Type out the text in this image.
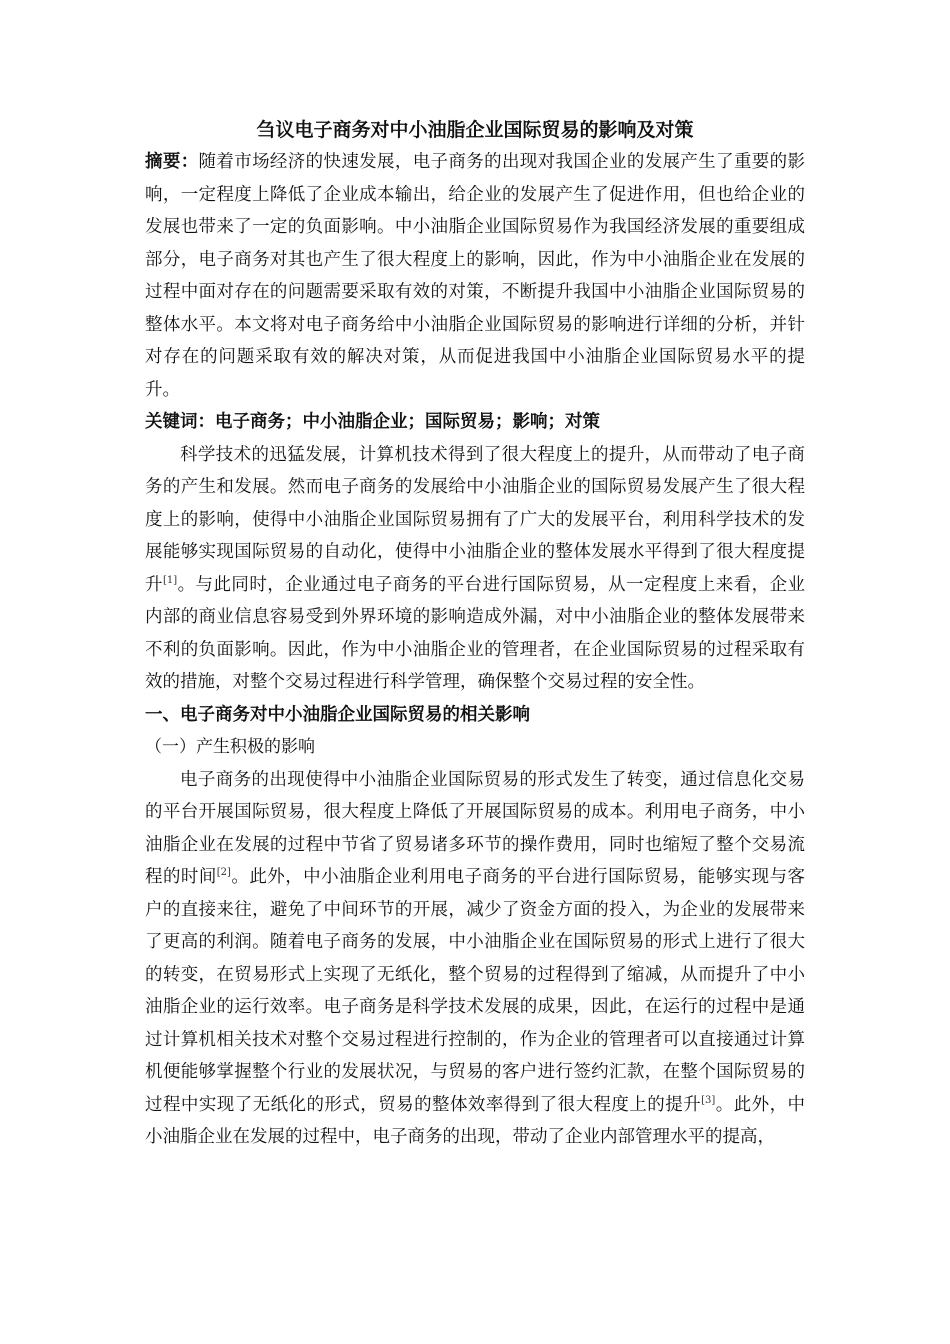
刍议电子商务对中小油脂企业国际贸易的影响及对策

摘要：随着市场经济的快速发展，电子商务的出现对我国企业的发展产生了重要的影响，一定程度上降低了企业成本输出，给企业的发展产生了促进作用，但也给企业的发展也带来了一定的负面影响。中小油脂企业国际贸易作为我国经济发展的重要组成部分，电子商务对其也产生了很大程度上的影响，因此，作为中小油脂企业在发展的过程中面对存在的问题需要采取有效的对策，不断提升我国中小油脂企业国际贸易的整体水平。本文将对电子商务给中小油脂企业国际贸易的影响进行详细的分析，并针对存在的问题采取有效的解决对策，从而促进我国中小油脂企业国际贸易水平的提升。

关键词：电子商务；中小油脂企业；国际贸易；影响；对策

科学技术的迅猛发展，计算机技术得到了很大程度上的提升，从而带动了电子商务的产生和发展。然而电子商务的发展给中小油脂企业的国际贸易发展产生了很大程度上的影响，使得中小油脂企业国际贸易拥有了广大的发展平台，利用科学技术的发展能够实现国际贸易的自动化，使得中小油脂企业的整体发展水平得到了很大程度提升[1]。与此同时，企业通过电子商务的平台进行国际贸易，从一定程度上来看，企业内部的商业信息容易受到外界环境的影响造成外漏，对中小油脂企业的整体发展带来不利的负面影响。因此，作为中小油脂企业的管理者，在企业国际贸易的过程采取有效的措施，对整个交易过程进行科学管理，确保整个交易过程的安全性。

一、电子商务对中小油脂企业国际贸易的相关影响

（一）产生积极的影响

电子商务的出现使得中小油脂企业国际贸易的形式发生了转变，通过信息化交易的平台开展国际贸易，很大程度上降低了开展国际贸易的成本。利用电子商务，中小油脂企业在发展的过程中节省了贸易诸多环节的操作费用，同时也缩短了整个交易流程的时间[2]。此外，中小油脂企业利用电子商务的平台进行国际贸易，能够实现与客户的直接来往，避免了中间环节的开展，减少了资金方面的投入，为企业的发展带来了更高的利润。随着电子商务的发展，中小油脂企业在国际贸易的形式上进行了很大的转变，在贸易形式上实现了无纸化，整个贸易的过程得到了缩减，从而提升了中小油脂企业的运行效率。电子商务是科学技术发展的成果，因此，在运行的过程中是通过计算机相关技术对整个交易过程进行控制的，作为企业的管理者可以直接通过计算机便能够掌握整个行业的发展状况，与贸易的客户进行签约汇款，在整个国际贸易的过程中实现了无纸化的形式，贸易的整体效率得到了很大程度上的提升[3]。此外，中小油脂企业在发展的过程中，电子商务的出现，带动了企业内部管理水平的提高，
